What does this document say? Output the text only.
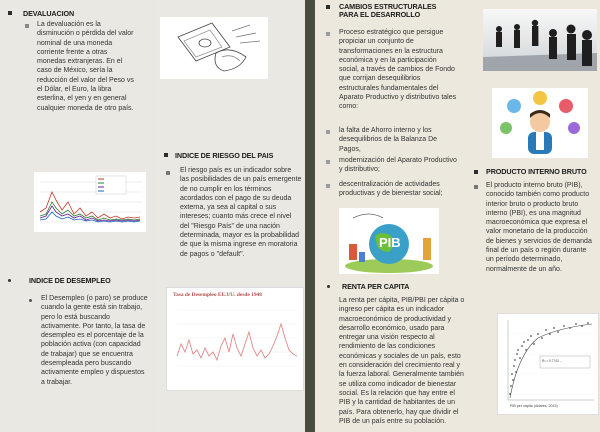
DEVALUACION
La devaluación es la disminución o pérdida del valor nominal de una moneda corriente frente a otras monedas extranjeras. En el caso de México, sería la reducción del valor del Peso vs el Dólar, el Euro, la libra esterlina, el yen y en general cualquier moneda de otro país.
INDICE DE DESEMPLEO
El Desempleo (o paro) se produce cuando la gente está sin trabajo, pero lo está buscando activamente. Por tanto, la tasa de desempleo es el porcentaje de la población activa (con capacidad de trabajar) que se encuentra desempleada pero buscando activamente empleo y dispuestos a trabajar.
INDICE DE RIESGO DEL PAIS
El riesgo país es un indicador sobre las posibilidades de un país emergente de no cumplir en los términos acordados con el pago de su deuda externa, ya sea al capital o sus intereses; cuanto más crece el nivel del "Riesgo País" de una nación determinada, mayor es la probabilidad de que la misma ingrese en moratoria de pagos o "default".
Tasa de Desempleo EE.UU. desde 1948
CAMBIOS ESTRUCTURALES PARA EL DESARROLLO
Proceso estratégico que persigue propiciar un conjunto de transformaciones en la estructura económica y en la participación social, a través de cambios de Fondo que corrijan desequilibrios estructurales fundamentales del Aparato Productivo y distributivo tales como:
la falta de Ahorro interno y los desequilibrios de la Balanza De Pagos,
modernización del Aparato Productivo y distributivo;
descentralización de actividades productivas y de bienestar social;
PRODUCTO INTERNO BRUTO
El producto interno bruto (PIB), conocido también como producto interior bruto o producto bruto interno (PBI), es una magnitud macroeconómica que expresa el valor monetario de la producción de bienes y servicios de demanda final de un país o región durante un período determinado, normalmente de un año.
PIB
RENTA PER CAPITA
La renta per cápita, PIB/PBI per cápita o ingreso per cápita es un indicador macroeconómico de productividad y desarrollo económico, usado para entregar una visión respecto al rendimiento de las condiciones económicas y sociales de un país, esto en consideración del crecimiento real y la fuerza laboral. Generalmente también se utiliza como indicador de bienestar social. Es la relación que hay entre el PIB y la cantidad de habitantes de un país. Para obtenerlo, hay que dividir el PIB de un país entre su población.
R² = 0.7743 ...
PIB per cápita (dólares, 2015)
